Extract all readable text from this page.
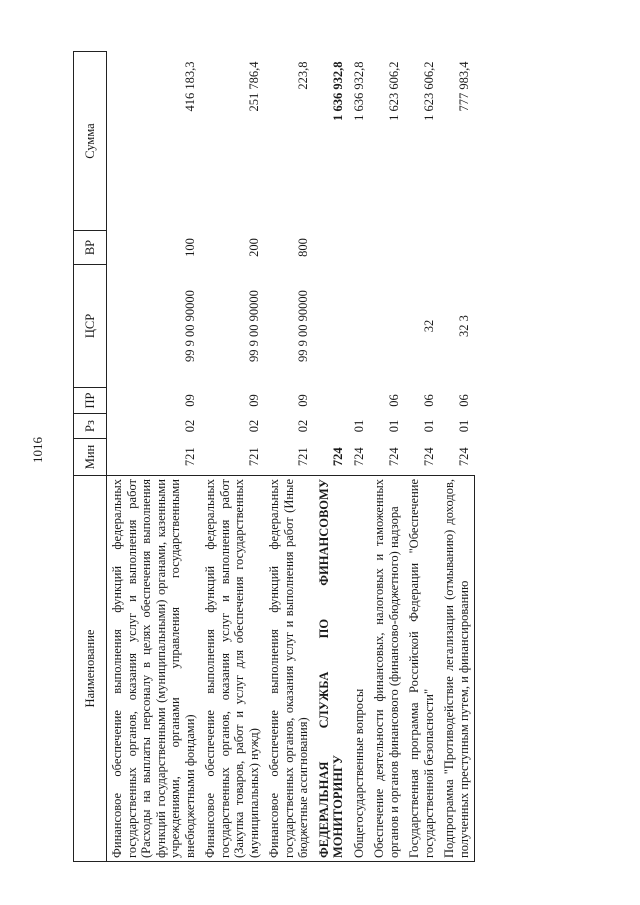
1016
Наименование	Мин	Рз	ПР	ЦСР	ВР	Сумма
Финансовое обеспечение выполнения функций федеральных государственных органов, оказания услуг и выполнения работ (Расходы на выплаты персоналу в целях обеспечения выполнения функций государственными (муниципальными) органами, казенными учреждениями, органами управления государственными внебюджетными фондами)	721	02	09	99 9 00 90000	100	416 183,3
Финансовое обеспечение выполнения функций федеральных государственных органов, оказания услуг и выполнения работ (Закупка товаров, работ и услуг для обеспечения государственных (муниципальных) нужд)	721	02	09	99 9 00 90000	200	251 786,4
Финансовое обеспечение выполнения функций федеральных государственных органов, оказания услуг и выполнения работ (Иные бюджетные ассигнования)	721	02	09	99 9 00 90000	800	223,8
ФЕДЕРАЛЬНАЯ СЛУЖБА ПО ФИНАНСОВОМУ МОНИТОРИНГУ	724					1 636 932,8
Общегосударственные вопросы	724	01				1 636 932,8
Обеспечение деятельности финансовых, налоговых и таможенных органов и органов финансового (финансово-бюджетного) надзора	724	01	06			1 623 606,2
Государственная программа Российской Федерации "Обеспечение государственной безопасности"	724	01	06	32		1 623 606,2
Подпрограмма "Противодействие легализации (отмыванию) доходов, полученных преступным путем, и финансированию	724	01	06	32 3		777 983,4
